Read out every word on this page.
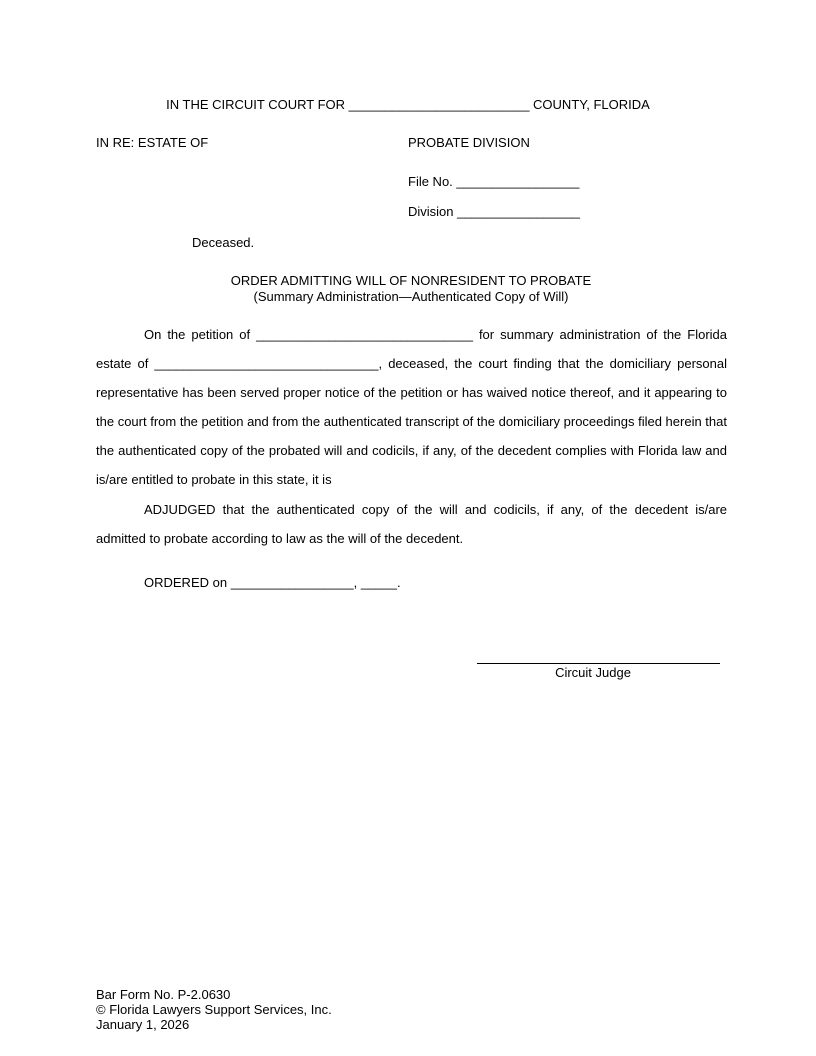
IN THE CIRCUIT COURT FOR _________________________ COUNTY, FLORIDA
IN RE: ESTATE OF	PROBATE DIVISION
File No. _________________
Division _________________
Deceased.
ORDER ADMITTING WILL OF NONRESIDENT TO PROBATE
(Summary Administration—Authenticated Copy of Will)
On the petition of ______________________________ for summary administration of the Florida estate of _______________________________, deceased, the court finding that the domiciliary personal representative has been served proper notice of the petition or has waived notice thereof, and it appearing to the court from the petition and from the authenticated transcript of the domiciliary proceedings filed herein that the authenticated copy of the probated will and codicils, if any, of the decedent complies with Florida law and is/are entitled to probate in this state, it is
ADJUDGED that the authenticated copy of the will and codicils, if any, of the decedent is/are admitted to probate according to law as the will of the decedent.
ORDERED on _________________, _____.
Circuit Judge
Bar Form No. P-2.0630
© Florida Lawyers Support Services, Inc.
January 1, 2026
